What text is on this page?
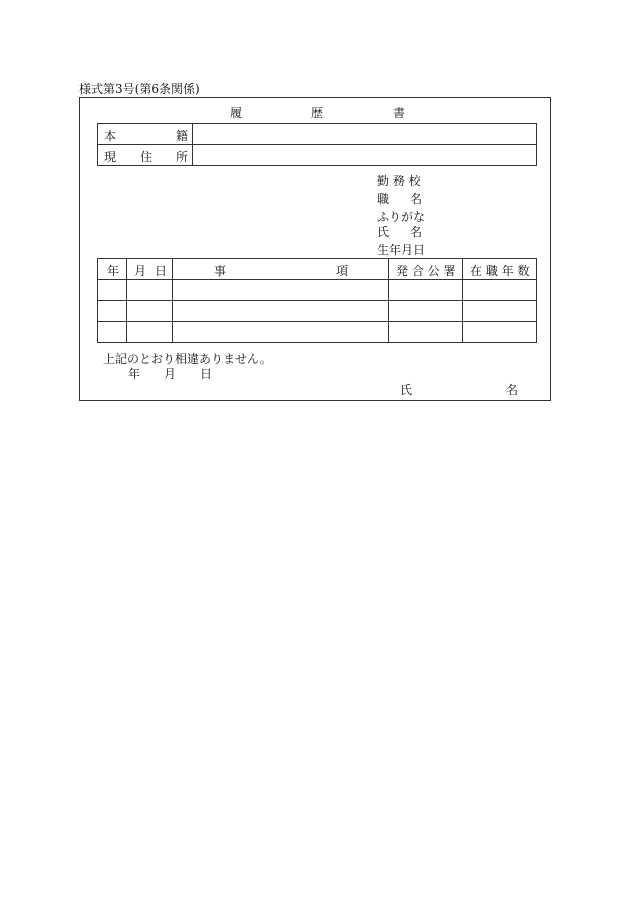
様式第3号(第6条関係)
履	歴	書
本 籍	

現 住 所	

勤 務 校
職 名
ふりがな
氏 名
生年月日
年	月 日	事 項	発 合 公 署	在 職 年 数

上記のとおり相違ありません。
年 月 日
氏	名
